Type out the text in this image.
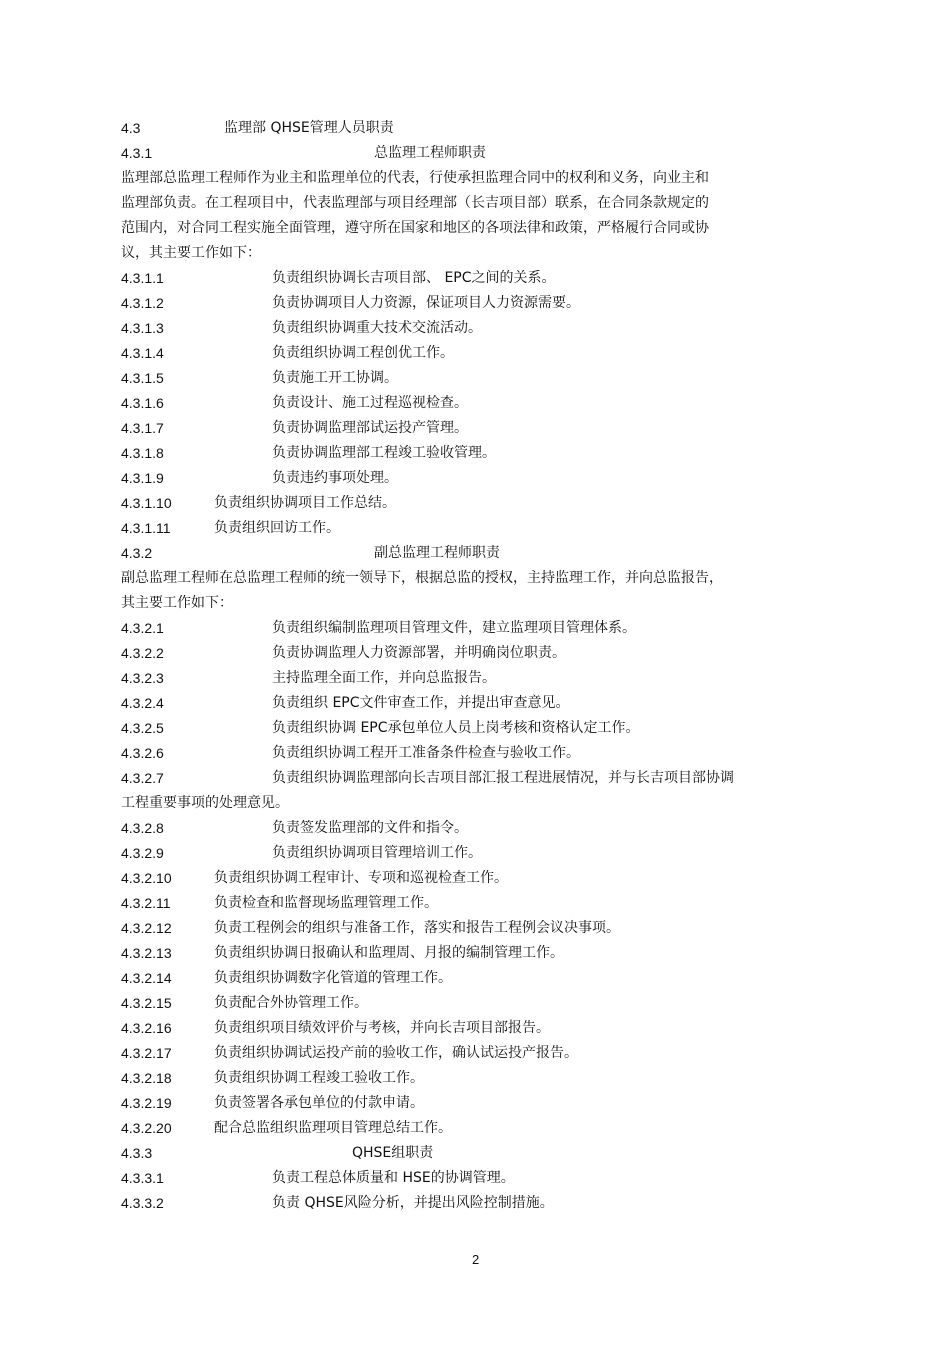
4.3	监理部 QHSE管理人员职责
4.3.1	总监理工程师职责
监理部总监理工程师作为业主和监理单位的代表，行使承担监理合同中的权利和义务，向业主和
监理部负责。在工程项目中，代表监理部与项目经理部（长吉项目部）联系，在合同条款规定的
范围内，对合同工程实施全面管理，遵守所在国家和地区的各项法律和政策，严格履行合同或协
议，其主要工作如下：
4.3.1.1	负责组织协调长吉项目部、 EPC之间的关系。
4.3.1.2	负责协调项目人力资源，保证项目人力资源需要。
4.3.1.3	负责组织协调重大技术交流活动。
4.3.1.4	负责组织协调工程创优工作。
4.3.1.5	负责施工开工协调。
4.3.1.6	负责设计、施工过程巡视检查。
4.3.1.7	负责协调监理部试运投产管理。
4.3.1.8	负责协调监理部工程竣工验收管理。
4.3.1.9	负责违约事项处理。
4.3.1.10	负责组织协调项目工作总结。
4.3.1.11	负责组织回访工作。
4.3.2	副总监理工程师职责
副总监理工程师在总监理工程师的统一领导下，根据总监的授权，主持监理工作，并向总监报告，
其主要工作如下：
4.3.2.1	负责组织编制监理项目管理文件，建立监理项目管理体系。
4.3.2.2	负责协调监理人力资源部署，并明确岗位职责。
4.3.2.3	主持监理全面工作，并向总监报告。
4.3.2.4	负责组织 EPC文件审查工作，并提出审查意见。
4.3.2.5	负责组织协调 EPC承包单位人员上岗考核和资格认定工作。
4.3.2.6	负责组织协调工程开工准备条件检查与验收工作。
4.3.2.7	负责组织协调监理部向长吉项目部汇报工程进展情况，并与长吉项目部协调
工程重要事项的处理意见。
4.3.2.8	负责签发监理部的文件和指令。
4.3.2.9	负责组织协调项目管理培训工作。
4.3.2.10	负责组织协调工程审计、专项和巡视检查工作。
4.3.2.11	负责检查和监督现场监理管理工作。
4.3.2.12	负责工程例会的组织与准备工作，落实和报告工程例会议决事项。
4.3.2.13	负责组织协调日报确认和监理周、月报的编制管理工作。
4.3.2.14	负责组织协调数字化管道的管理工作。
4.3.2.15	负责配合外协管理工作。
4.3.2.16	负责组织项目绩效评价与考核，并向长吉项目部报告。
4.3.2.17	负责组织协调试运投产前的验收工作，确认试运投产报告。
4.3.2.18	负责组织协调工程竣工验收工作。
4.3.2.19	负责签署各承包单位的付款申请。
4.3.2.20	配合总监组织监理项目管理总结工作。
4.3.3	QHSE组职责
4.3.3.1	负责工程总体质量和 HSE的协调管理。
4.3.3.2	负责 QHSE风险分析，并提出风险控制措施。
2
